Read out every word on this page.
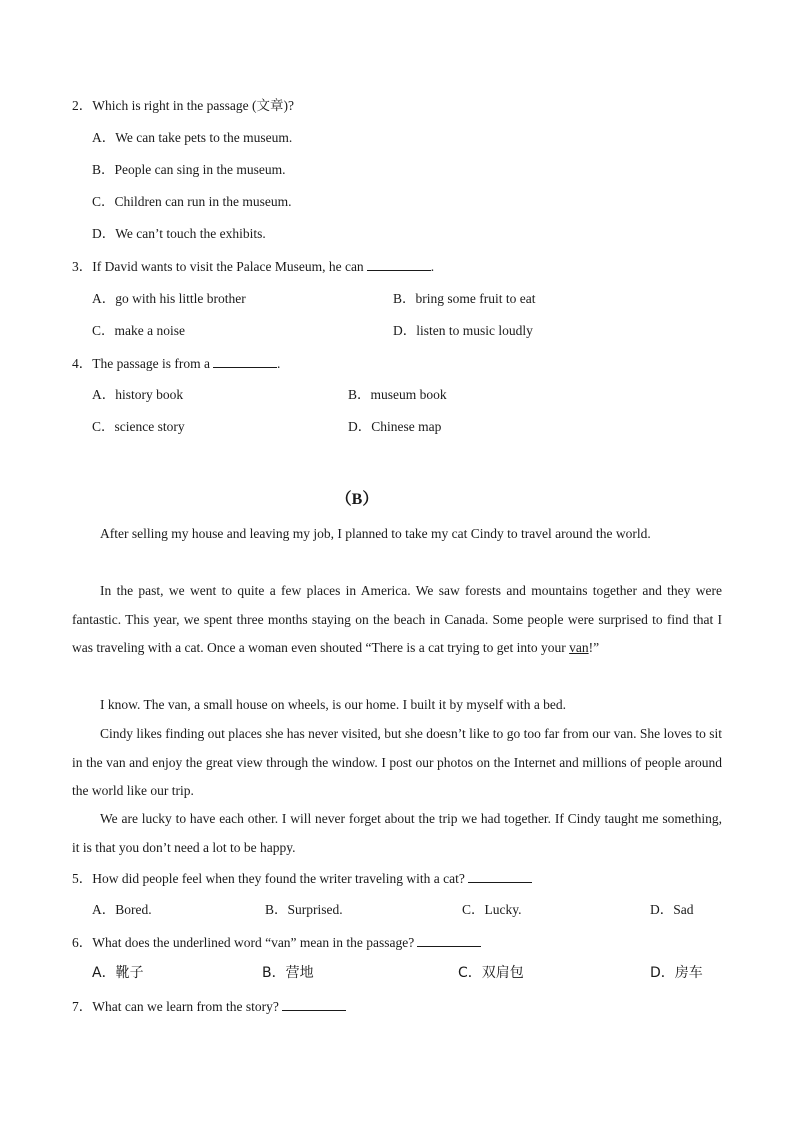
2．Which is right in the passage (文章)?
A．We can take pets to the museum.
B．People can sing in the museum.
C．Children can run in the museum.
D．We can’t touch the exhibits.
3．If David wants to visit the Palace Museum, he can	.
A．go with his little brother	B．bring some fruit to eat
C．make a noise	D．listen to music loudly
4．The passage is from a	.
A．history book	B．museum book
C．science story	D．Chinese map
（B）
After selling my house and leaving my job, I planned to take my cat Cindy to travel around the world.
In the past, we went to quite a few places in America. We saw forests and mountains together and they were fantastic. This year, we spent three months staying on the beach in Canada. Some people were surprised to find that I was traveling with a cat. Once a woman even shouted “There is a cat trying to get into your van!”
I know. The van, a small house on wheels, is our home. I built it by myself with a bed.
Cindy likes finding out places she has never visited, but she doesn’t like to go too far from our van. She loves to sit in the van and enjoy the great view through the window. I post our photos on the Internet and millions of people around the world like our trip.
We are lucky to have each other. I will never forget about the trip we had together. If Cindy taught me something, it is that you don’t need a lot to be happy.
5．How did people feel when they found the writer traveling with a cat?
A．Bored.	B．Surprised.	C．Lucky.	D．Sad
6．What does the underlined word “van” mean in the passage?
A．靴子	B．营地	C．双肩包	D．房车
7．What can we learn from the story?
